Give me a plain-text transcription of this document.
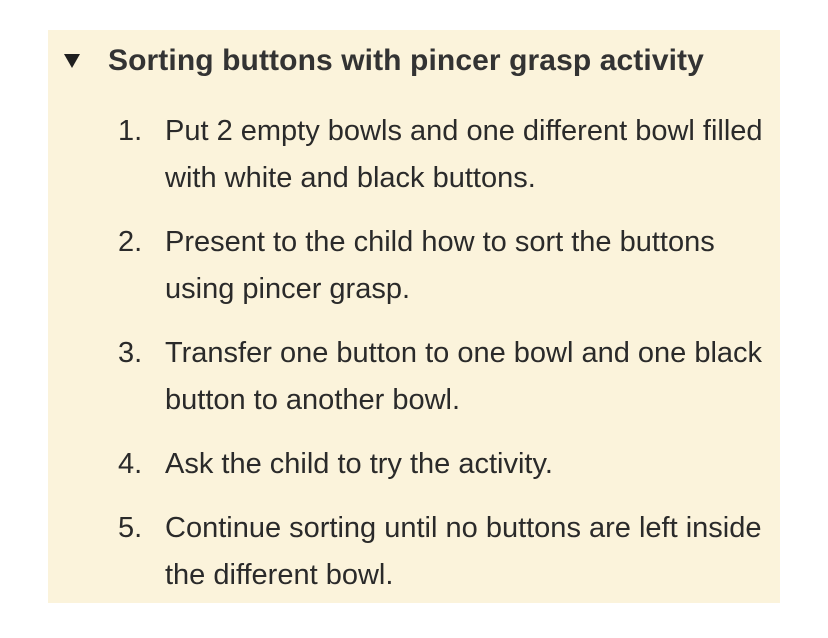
Sorting buttons with pincer grasp activity
1. Put 2 empty bowls and one different bowl filled with white and black buttons.
2. Present to the child how to sort the buttons using pincer grasp.
3. Transfer one button to one bowl and one black button to another bowl.
4. Ask the child to try the activity.
5. Continue sorting until no buttons are left inside the different bowl.
